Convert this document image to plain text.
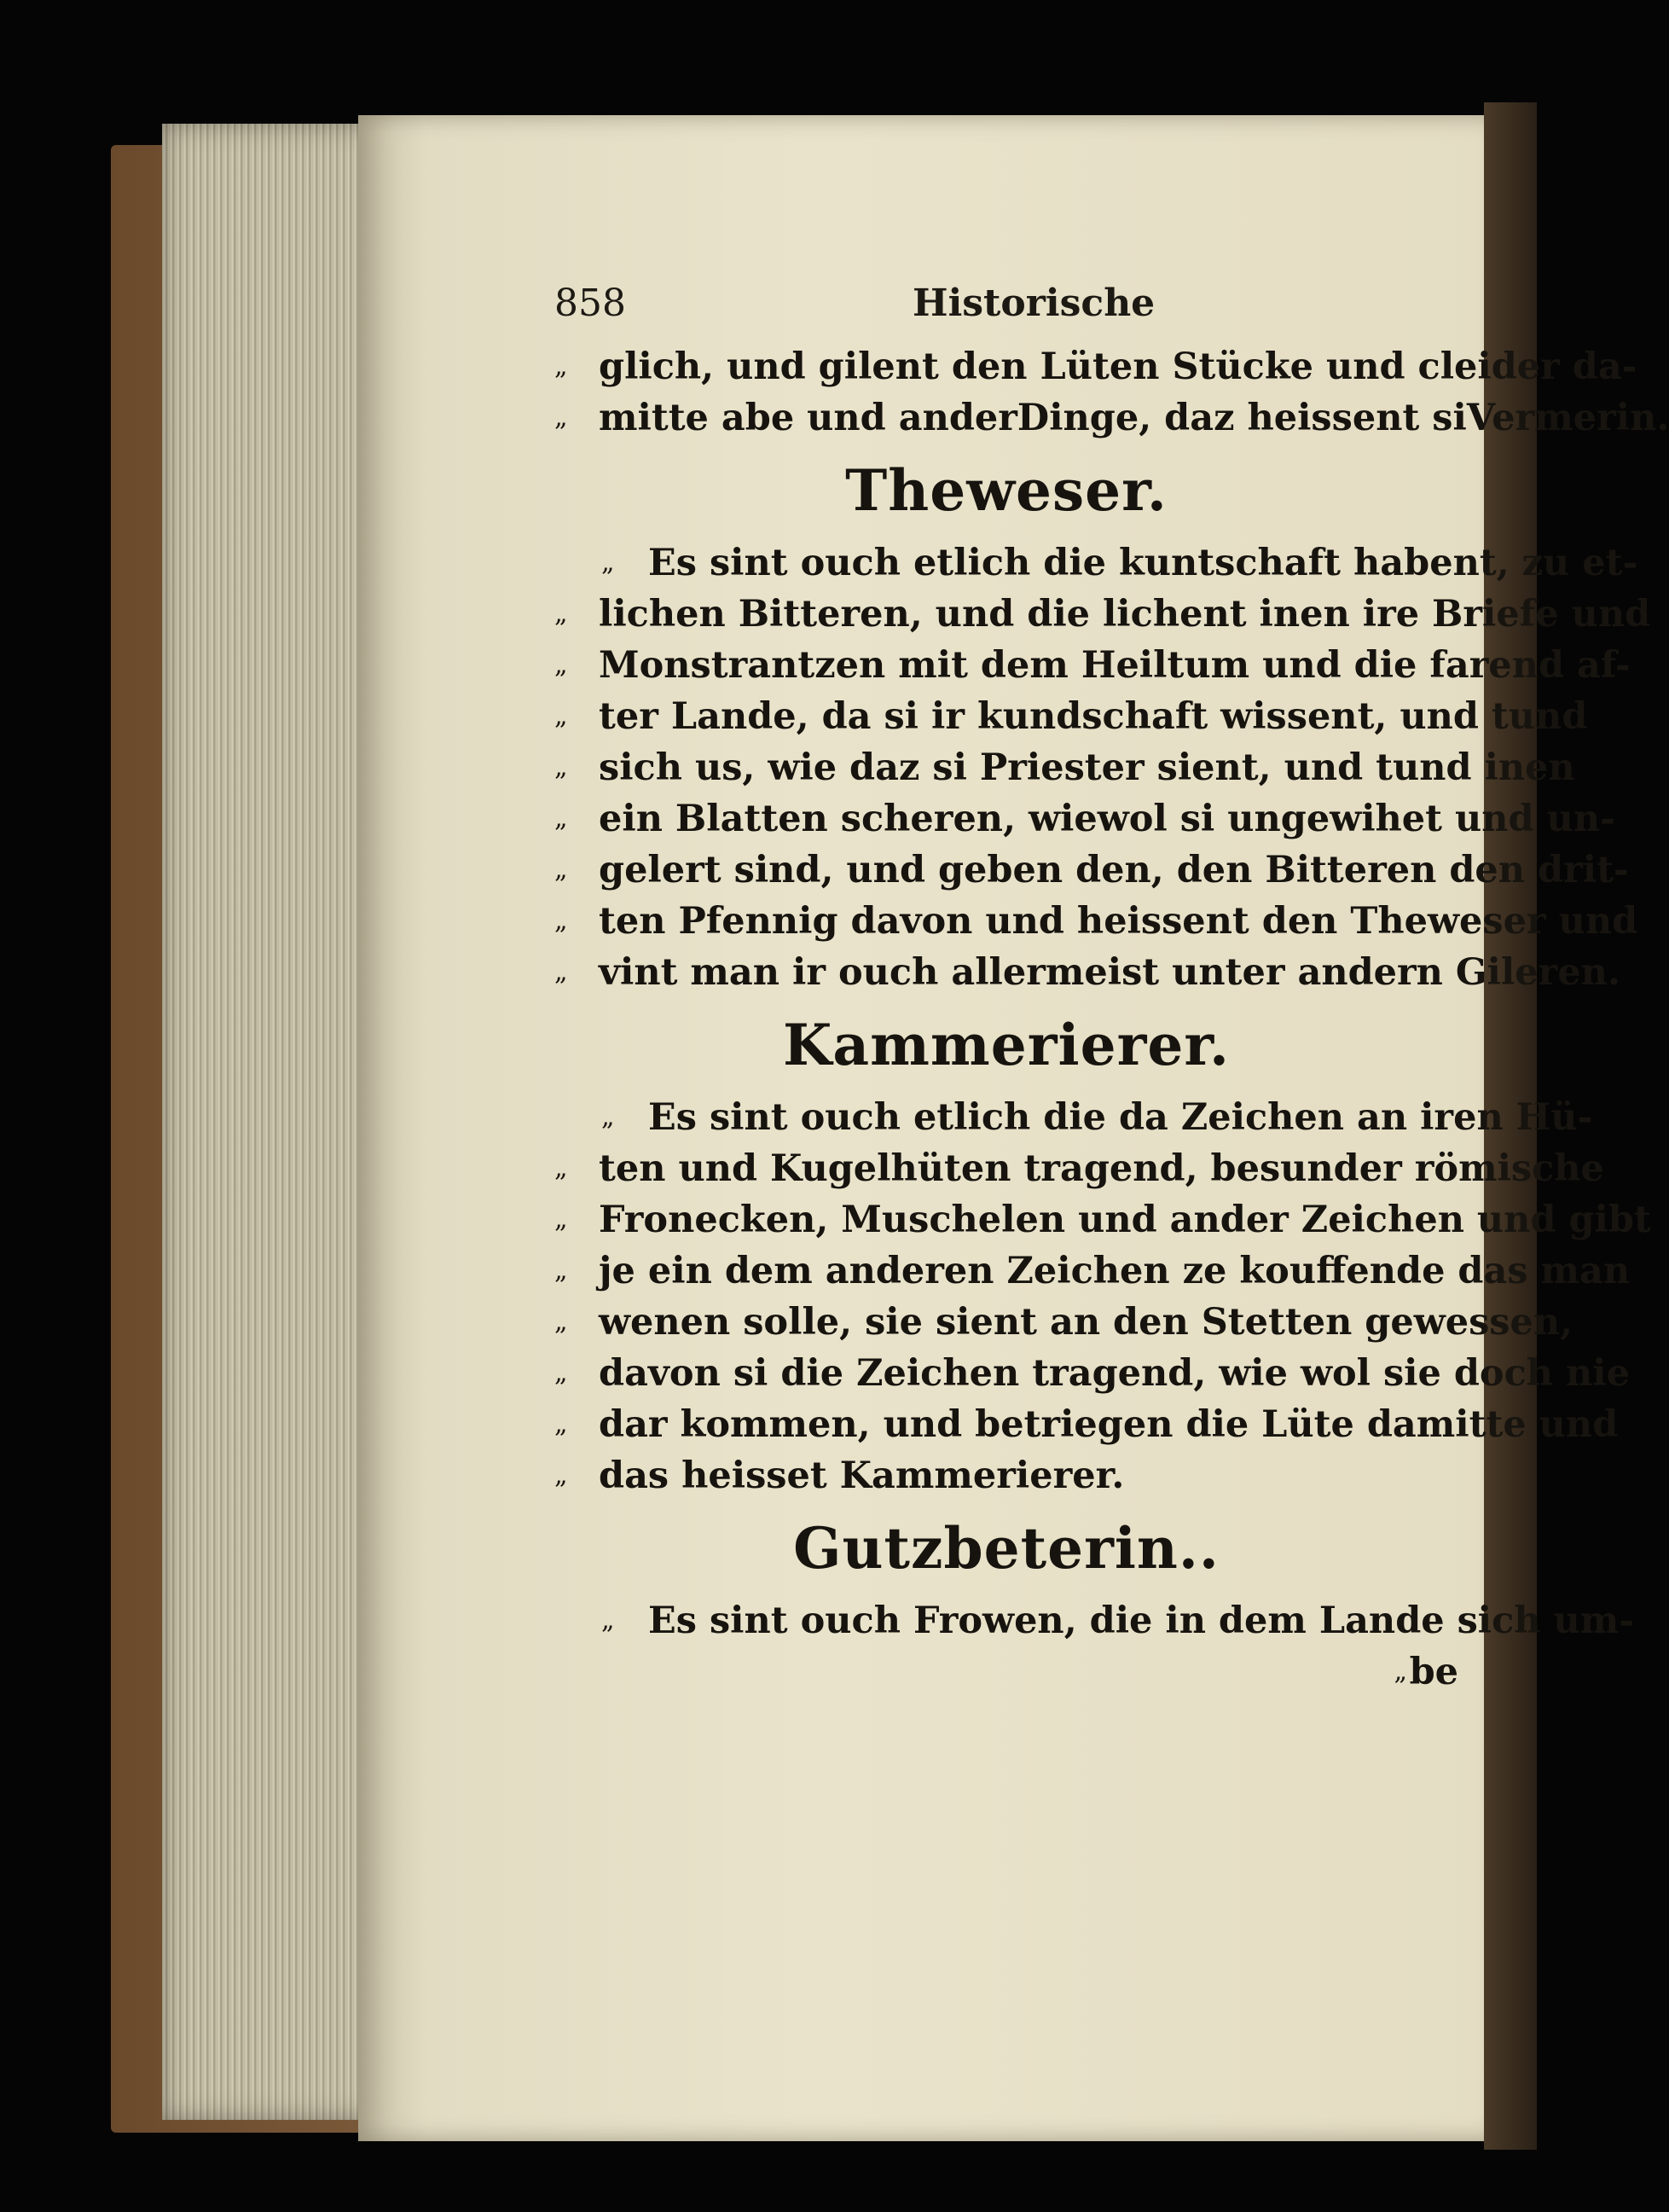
858	Historische
„ glich, und gilent den Lüten Stücke und cleider da-
„ mitte abe und anderDinge, daz heissent siVermerin.
Theweser.
„ Es sint ouch etlich die kuntschaft habent, zu et-
„ lichen Bitteren, und die lichent inen ire Briefe und
„ Monstrantzen mit dem Heiltum und die farend af-
„ ter Lande, da si ir kundschaft wissent, und tund
„ sich us, wie daz si Priester sient, und tund inen
„ ein Blatten scheren, wiewol si ungewihet und un-
„ gelert sind, und geben den, den Bitteren den drit-
„ ten Pfennig davon und heissent den Theweser und
„ vint man ir ouch allermeist unter andern Gileren.
Kammerierer.
„ Es sint ouch etlich die da Zeichen an iren Hü-
„ ten und Kugelhüten tragend, besunder römische
„ Fronecken, Muschelen und ander Zeichen und gibt
„ je ein dem anderen Zeichen ze kouffende das man
„ wenen solle, sie sient an den Stetten gewessen,
„ davon si die Zeichen tragend, wie wol sie doch nie
„ dar kommen, und betriegen die Lüte damitte und
„ das heisset Kammerierer.
Gutzbeterin..
„ Es sint ouch Frowen, die in dem Lande sich um-
„ be
